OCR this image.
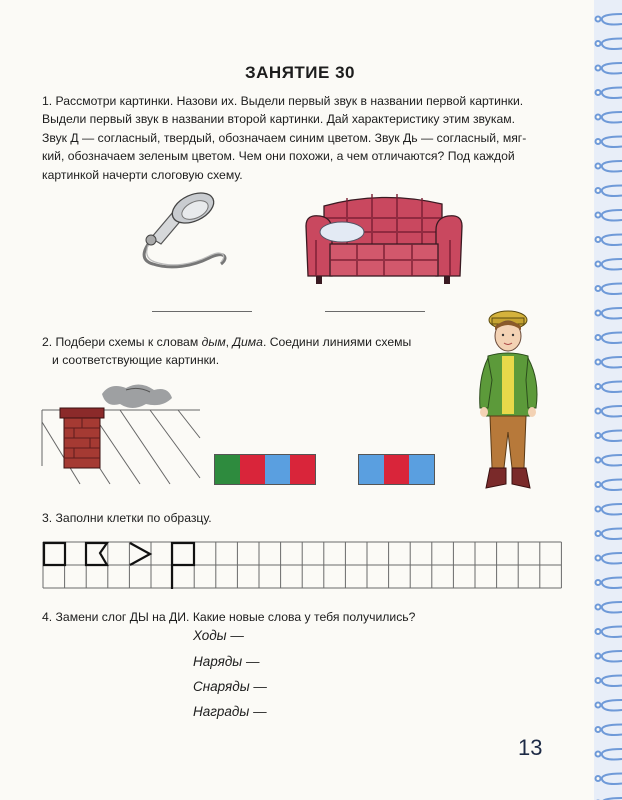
ЗАНЯТИЕ 30
1. Рассмотри картинки. Назови их. Выдели первый звук в названии первой картинки.
Выдели первый звук в названии второй картинки. Дай характеристику этим звукам.
Звук Д — согласный, твердый, обозначаем синим цветом. Звук Дь — согласный, мяг-
кий, обозначаем зеленым цветом. Чем они похожи, а чем отличаются? Под каждой
картинкой начерти слоговую схему.
2. Подбери схемы к словам дым, Дима. Соедини линиями схемы
и соответствующие картинки.
3. Заполни клетки по образцу.
4. Замени слог ДЫ на ДИ. Какие новые слова у тебя получились?
Ходы —
Наряды —
Снаряды —
Награды —
13
